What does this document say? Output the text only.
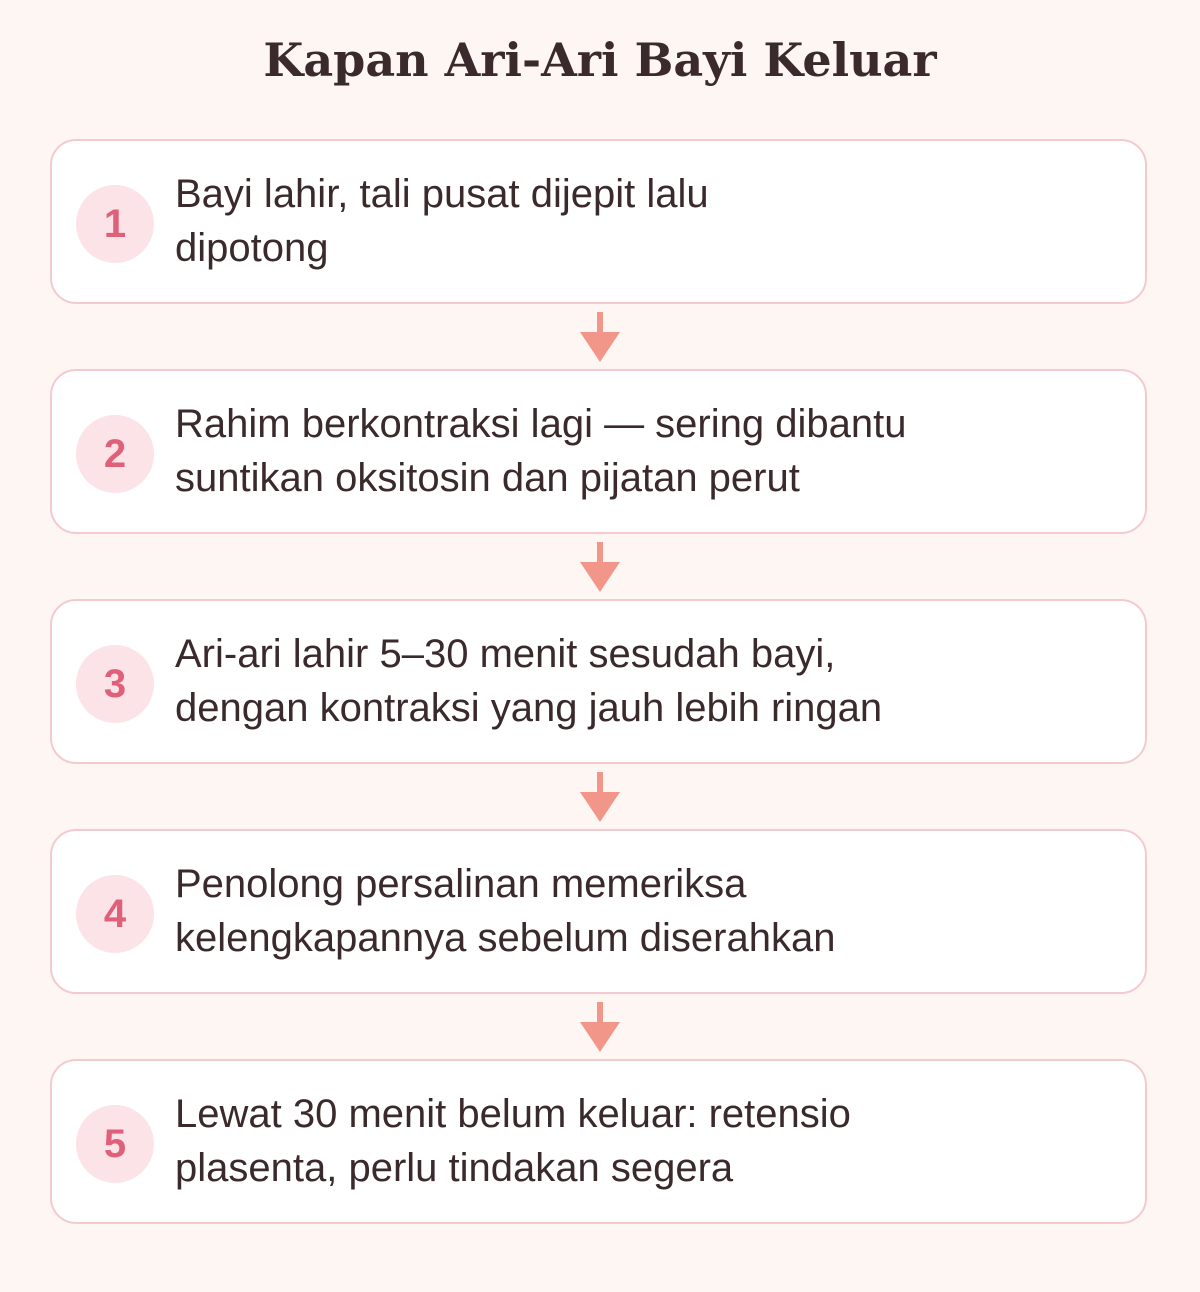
Kapan Ari-Ari Bayi Keluar
1
Bayi lahir, tali pusat dijepit lalu dipotong
2
Rahim berkontraksi lagi — sering dibantu suntikan oksitosin dan pijatan perut
3
Ari-ari lahir 5–30 menit sesudah bayi, dengan kontraksi yang jauh lebih ringan
4
Penolong persalinan memeriksa kelengkapannya sebelum diserahkan
5
Lewat 30 menit belum keluar: retensio plasenta, perlu tindakan segera
